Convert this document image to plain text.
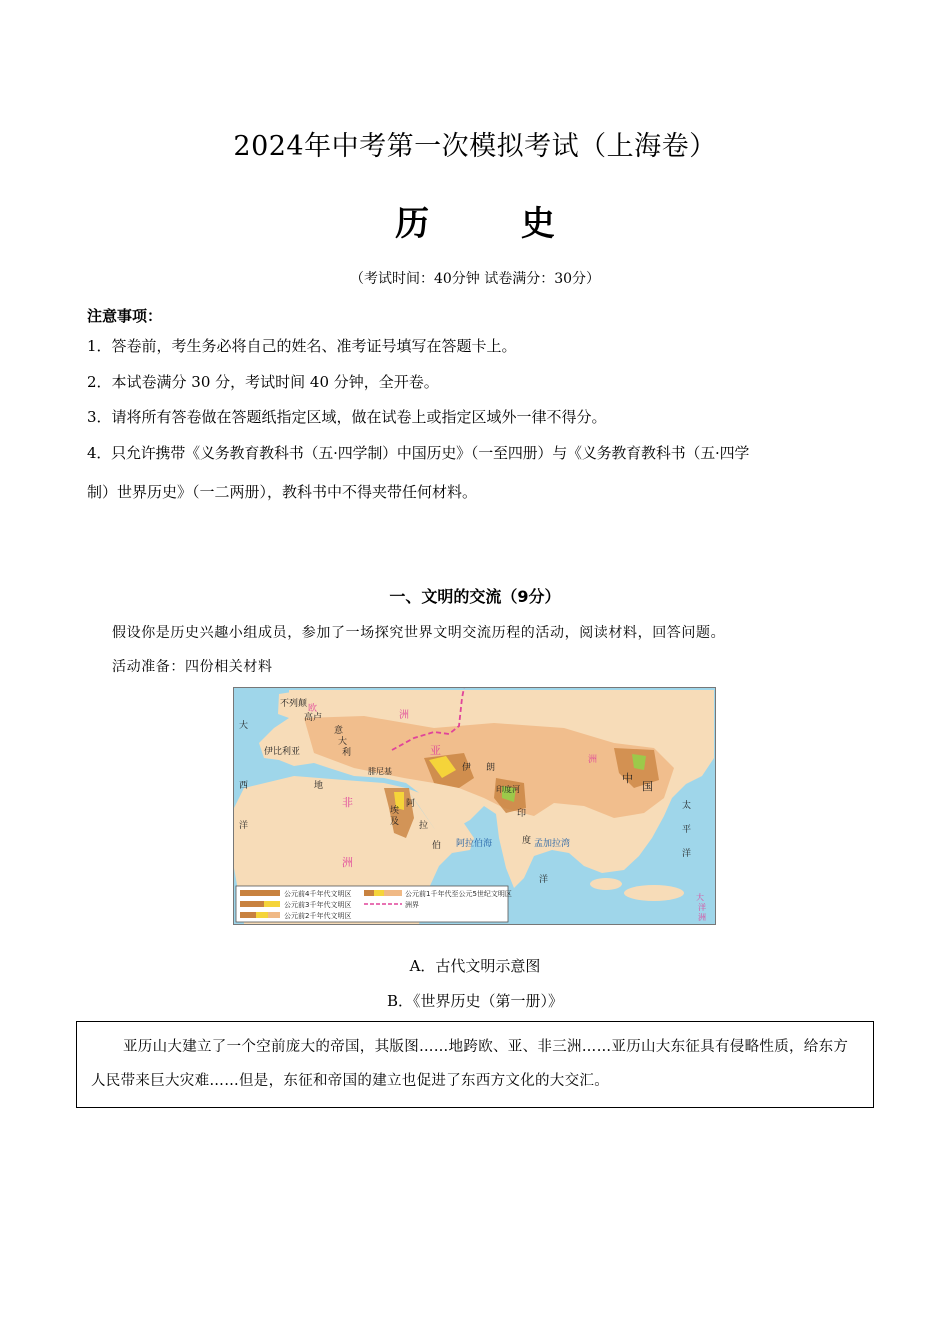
2024年中考第一次模拟考试（上海卷）
历 史
（考试时间：40分钟 试卷满分：30分）
注意事项：
1．答卷前，考生务必将自己的姓名、准考证号填写在答题卡上。
2．本试卷满分 30 分，考试时间 40 分钟，全开卷。
3．请将所有答卷做在答题纸指定区域，做在试卷上或指定区域外一律不得分。
4．只允许携带《义务教育教科书（五·四学制）中国历史》（一至四册）与《义务教育教科书（五·四学
制）世界历史》（一二两册），教科书中不得夹带任何材料。
一、文明的交流（9分）
假设你是历史兴趣小组成员，参加了一场探究世界文明交流历程的活动，阅读材料，回答问题。
活动准备：四份相关材料
不列颠
高卢
欧
洲
意
大
利
伊比利亚
大
西
洋
地
非
洲
亚
腓尼基	伊 朗
印度河
阿
拉
伯
埃
及
印
度
洲
中
国
阿拉伯海	孟加拉湾
太
平
洋
洋
大
洋
洲
公元前4千年代文明区
公元前3千年代文明区
公元前2千年代文明区
公元前1千年代至公元5世纪文明区
洲界
A．古代文明示意图
B．《世界历史（第一册）》
亚历山大建立了一个空前庞大的帝国，其版图……地跨欧、亚、非三洲……亚历山大东征具有侵略性质，给东方人民带来巨大灾难……但是，东征和帝国的建立也促进了东西方文化的大交汇。
